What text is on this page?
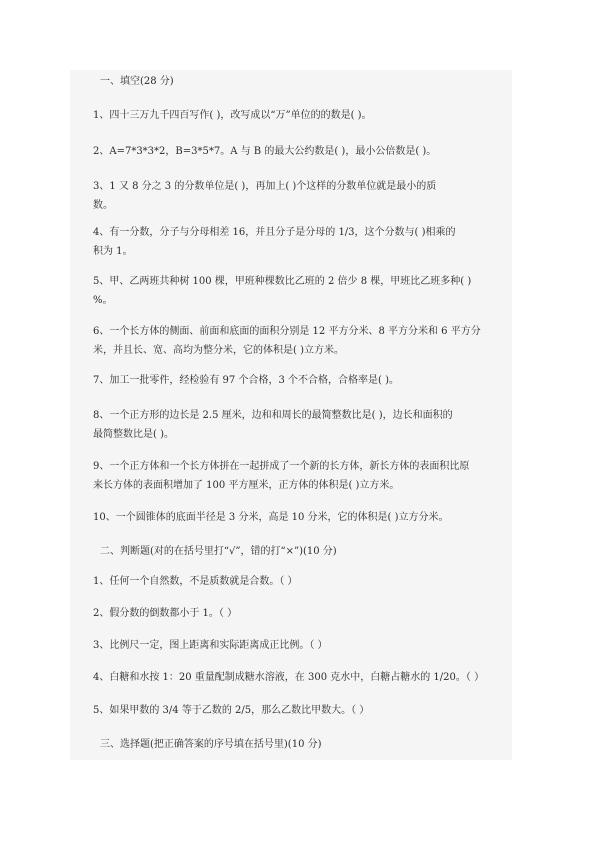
一、填空(28 分)

1、四十三万九千四百写作( )，改写成以“万”单位的的数是( )。

2、A=7*3*3*2，B=3*5*7。A 与 B 的最大公约数是( )，最小公倍数是( )。

3、1 又 8 分之 3 的分数单位是( )，再加上( )个这样的分数单位就是最小的质

数。

4、有一分数，分子与分母相差 16，并且分子是分母的 1/3，这个分数与( )相乘的

积为 1。

5、甲、乙两班共种树 100 棵，甲班种棵数比乙班的 2 倍少 8 棵，甲班比乙班多种( )

%。

6、一个长方体的侧面、前面和底面的面积分别是 12 平方分米、8 平方分米和 6 平方分

米，并且长、宽、高均为整分米，它的体积是( )立方米。

7、加工一批零件，经检验有 97 个合格，3 个不合格，合格率是( )。

8、一个正方形的边长是 2.5 厘米，边和和周长的最简整数比是( )，边长和面积的

最简整数比是( )。

9、一个正方体和一个长方体拼在一起拼成了一个新的长方体，新长方体的表面积比原

来长方体的表面积增加了 100 平方厘米，正方体的体积是( )立方米。

10、一个圆锥体的底面半径是 3 分米，高是 10 分米，它的体积是( )立方分米。

二、判断题(对的在括号里打“√”，错的打“×”)(10 分)

1、任何一个自然数，不是质数就是合数。（ ）

2、假分数的倒数都小于 1。（ ）

3、比例尺一定，图上距离和实际距离成正比例。（ ）

4、白糖和水按 1：20 重量配制成糖水溶液，在 300 克水中，白糖占糖水的 1/20。（ ）

5、如果甲数的 3/4 等于乙数的 2/5，那么乙数比甲数大。（ ）

三、选择题(把正确答案的序号填在括号里)(10 分)
